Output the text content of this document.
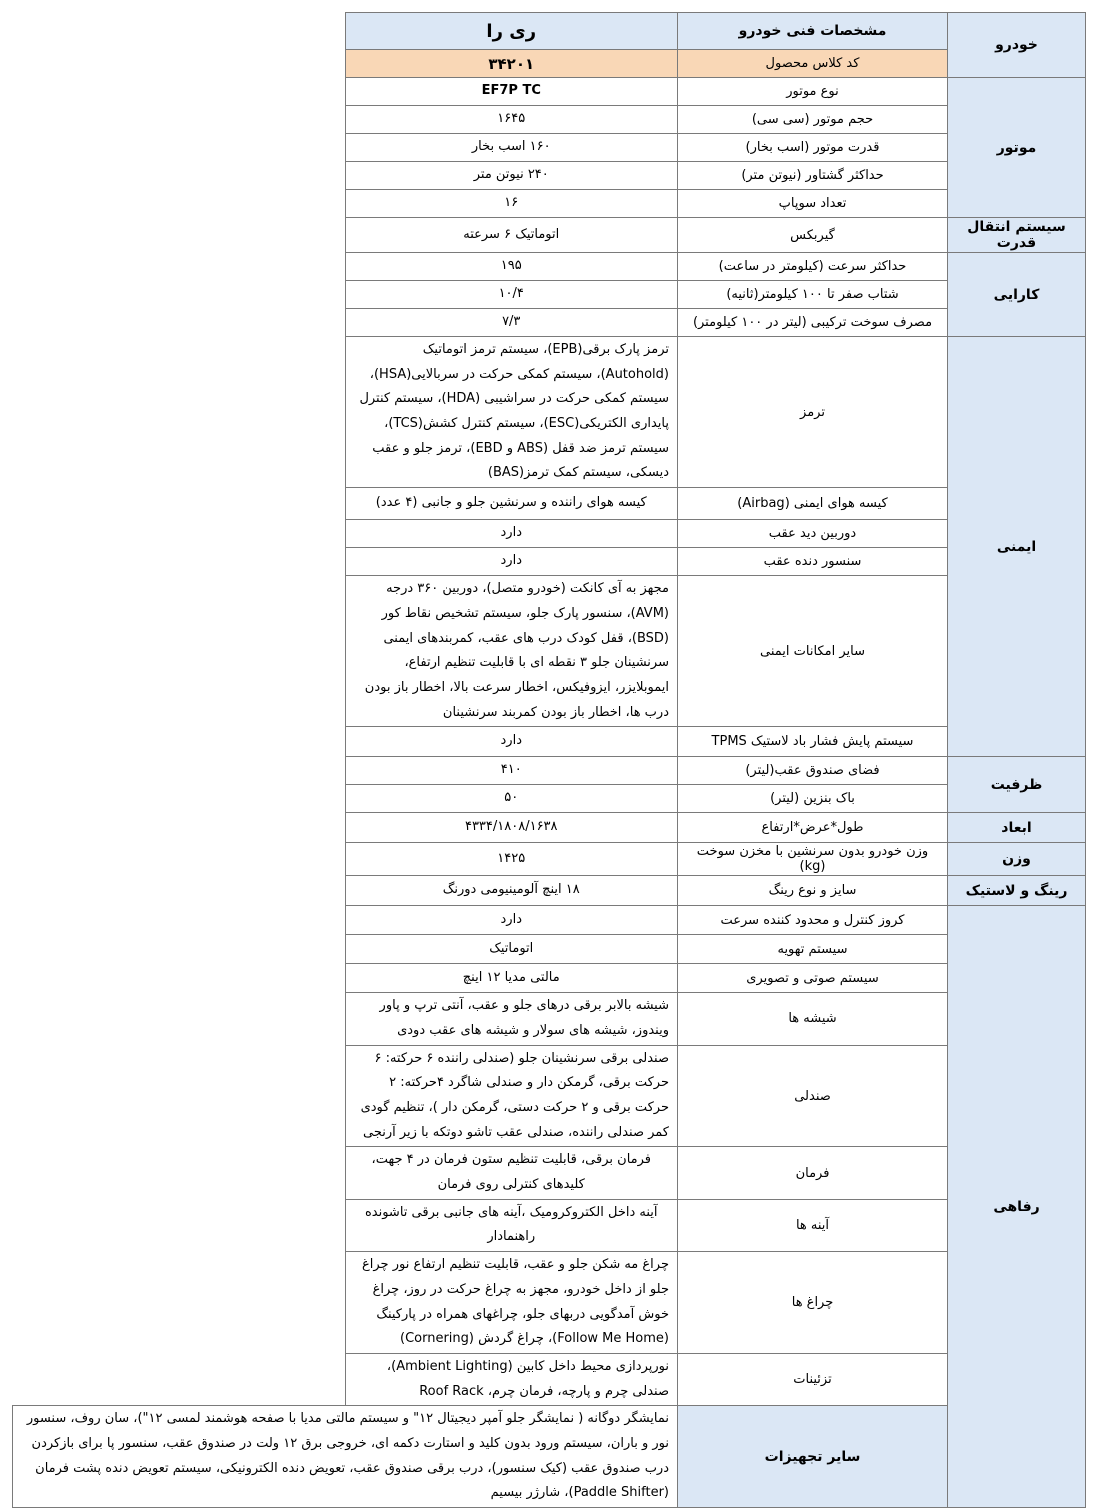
خودرو	مشخصات فنی خودرو	ری را
	کد کلاس محصول	۳۴۲۰۱
موتور	نوع موتور	EF7P TC
	حجم موتور (سی سی)	۱۶۴۵
	قدرت موتور (اسب بخار)	۱۶۰ اسب بخار
	حداکثر گشتاور (نیوتن متر)	۲۴۰ نیوتن متر
	تعداد سوپاپ	۱۶
سیستم انتقال قدرت	گیربکس	اتوماتیک ۶ سرعته
کارایی	حداکثر سرعت (کیلومتر در ساعت)	۱۹۵
	شتاب صفر تا ۱۰۰ کیلومتر(ثانیه)	۱۰/۴
	مصرف سوخت ترکیبی (لیتر در ۱۰۰ کیلومتر)	۷/۳
ایمنی	ترمز	ترمز پارک برقی(EPB)، سیستم ترمز اتوماتیک (Autohold)، سیستم کمکی حرکت در سربالایی(HSA)، سیستم کمکی حرکت در سراشیبی (HDA)، سیستم کنترل پایداری الکتریکی(ESC)، سیستم کنترل کشش(TCS)، سیستم ترمز ضد قفل (ABS و EBD)، ترمز جلو و عقب دیسکی، سیستم کمک ترمز(BAS)
	کیسه هوای ایمنی (Airbag)	کیسه هوای راننده و سرنشین جلو و جانبی (۴ عدد)
	دوربین دید عقب	دارد
	سنسور دنده عقب	دارد
	سایر امکانات ایمنی	مجهز به آی کانکت (خودرو متصل)، دوربین ۳۶۰ درجه (AVM)، سنسور پارک جلو، سیستم تشخیص نقاط کور (BSD)، قفل کودک درب های عقب، کمربندهای ایمنی سرنشینان جلو ۳ نقطه ای با قابلیت تنظیم ارتفاع، ایموبلایزر، ایزوفیکس، اخطار سرعت بالا، اخطار باز بودن درب ها، اخطار باز بودن کمربند سرنشینان
	سیستم پایش فشار باد لاستیک TPMS	دارد
ظرفیت	فضای صندوق عقب(لیتر)	۴۱۰
	باک بنزین (لیتر)	۵۰
ابعاد	طول*عرض*ارتفاع	۴۳۳۴/۱۸۰۸/۱۶۳۸
وزن	وزن خودرو بدون سرنشین با مخزن سوخت (kg)	۱۴۲۵
رینگ و لاستیک	سایز و نوع رینگ	۱۸ اینچ آلومینیومی دورنگ
رفاهی	کروز کنترل و محدود کننده سرعت	دارد
	سیستم تهویه	اتوماتیک
	سیستم صوتی و تصویری	مالتی مدیا ۱۲ اینچ
	شیشه ها	شیشه بالابر برقی درهای جلو و عقب، آنتی ترپ و پاور ویندوز، شیشه های سولار و شیشه های عقب دودی
	صندلی	صندلی برقی سرنشینان جلو (صندلی راننده ۶ حرکته: ۶ حرکت برقی، گرمکن دار و صندلی شاگرد ۴حرکته: ۲ حرکت برقی و ۲ حرکت دستی، گرمکن دار )، تنظیم گودی کمر صندلی راننده، صندلی عقب تاشو دوتکه با زیر آرنجی
	فرمان	فرمان برقی، قابلیت تنظیم ستون فرمان در ۴ جهت، کلیدهای کنترلی روی فرمان
	آینه ها	آینه داخل الکتروکرومیک ،آینه های جانبی برقی تاشونده راهنمادار
	چراغ ها	چراغ مه شکن جلو و عقب، قابلیت تنظیم ارتفاع نور چراغ جلو از داخل خودرو، مجهز به چراغ حرکت در روز، چراغ خوش آمدگویی دربهای جلو، چراغهای همراه در پارکینگ (Follow Me Home)، چراغ گردش (Cornering)
	تزئینات	نورپردازی محیط داخل کابین (Ambient Lighting)، صندلی چرم و پارچه، فرمان چرم، Roof Rack
	سایر تجهیزات	نمایشگر دوگانه ( نمایشگر جلو آمپر دیجیتال ۱۲" و سیستم مالتی مدیا با صفحه هوشمند لمسی ۱۲")، سان روف، سنسور نور و باران، سیستم ورود بدون کلید و استارت دکمه ای، خروجی برق ۱۲ ولت در صندوق عقب، سنسور پا برای بازکردن درب صندوق عقب (کیک سنسور)، درب برقی صندوق عقب، تعویض دنده الکترونیکی، سیستم تعویض دنده پشت فرمان (Paddle Shifter)، شارژر بیسیم
